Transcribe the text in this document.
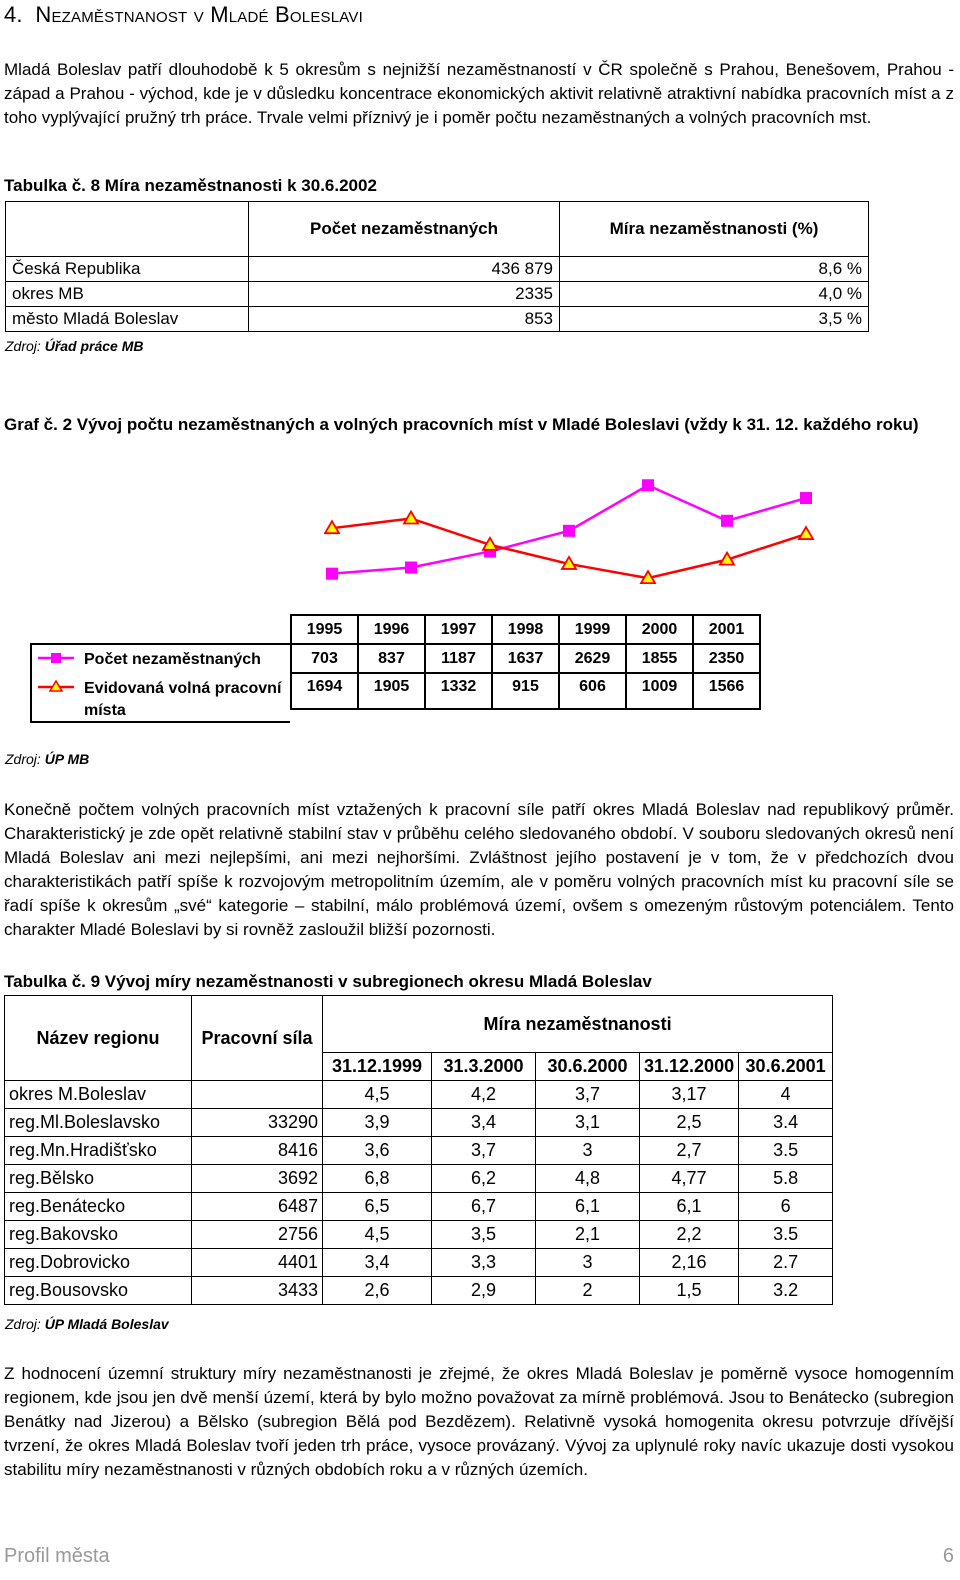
4. Nezaměstnanost v Mladé Boleslavi

Mladá Boleslav patří dlouhodobě k 5 okresům s nejnižší nezaměstnaností v ČR společně s Prahou, Benešovem, Prahou - západ a Prahou - východ, kde je v důsledku koncentrace ekonomických aktivit relativně atraktivní nabídka pracovních míst a z toho vyplývající pružný trh práce. Trvale velmi příznivý je i poměr počtu nezaměstnaných a volných pracovních mst.

Tabulka č. 8 Míra nezaměstnanosti k 30.6.2002
	Počet nezaměstnaných	Míra nezaměstnanosti (%)
Česká Republika	436 879	8,6 %
okres MB	2335	4,0 %
město Mladá Boleslav	853	3,5 %
Zdroj: Úřad práce MB
Graf č. 2 Vývoj počtu nezaměstnaných a volných pracovních míst v Mladé Boleslavi (vždy k 31. 12. každého roku)
Počet nezaměstnaných
Evidovaná volná pracovní místa
1995	1996	1997	1998	1999	2000	2001
703	837	1187	1637	2629	1855	2350
1694	1905	1332	915	606	1009	1566
Zdroj: ÚP MB

Konečně počtem volných pracovních míst vztažených k pracovní síle patří okres Mladá Boleslav nad republikový průměr. Charakteristický je zde opět relativně stabilní stav v průběhu celého sledovaného období. V souboru sledovaných okresů není Mladá Boleslav ani mezi nejlepšími, ani mezi nejhoršími. Zvláštnost jejího postavení je v tom, že v předchozích dvou charakteristikách patří spíše k rozvojovým metropolitním územím, ale v poměru volných pracovních míst ku pracovní síle se řadí spíše k okresům „své“ kategorie – stabilní, málo problémová území, ovšem s omezeným růstovým potenciálem. Tento charakter Mladé Boleslavi by si rovněž zasloužil bližší pozornosti.

Tabulka č. 9 Vývoj míry nezaměstnanosti v subregionech okresu Mladá Boleslav
Název regionu	Pracovní síla	Míra nezaměstnanosti				
		31.12.1999	31.3.2000	30.6.2000	31.12.2000	30.6.2001
okres M.Boleslav		4,5	4,2	3,7	3,17	4
reg.Ml.Boleslavsko	33290	3,9	3,4	3,1	2,5	3.4
reg.Mn.Hradišťsko	8416	3,6	3,7	3	2,7	3.5
reg.Bělsko	3692	6,8	6,2	4,8	4,77	5.8
reg.Benátecko	6487	6,5	6,7	6,1	6,1	6
reg.Bakovsko	2756	4,5	3,5	2,1	2,2	3.5
reg.Dobrovicko	4401	3,4	3,3	3	2,16	2.7
reg.Bousovsko	3433	2,6	2,9	2	1,5	3.2
Zdroj: ÚP Mladá Boleslav

Z hodnocení územní struktury míry nezaměstnanosti je zřejmé, že okres Mladá Boleslav je poměrně vysoce homogenním regionem, kde jsou jen dvě menší území, která by bylo možno považovat za mírně problémová. Jsou to Benátecko (subregion Benátky nad Jizerou) a Bělsko (subregion Bělá pod Bezdězem). Relativně vysoká homogenita okresu potvrzuje dřívější tvrzení, že okres Mladá Boleslav tvoří jeden trh práce, vysoce provázaný. Vývoj za uplynulé roky navíc ukazuje dosti vysokou stabilitu míry nezaměstnanosti v různých obdobích roku a v různých územích.

Profil města	6
